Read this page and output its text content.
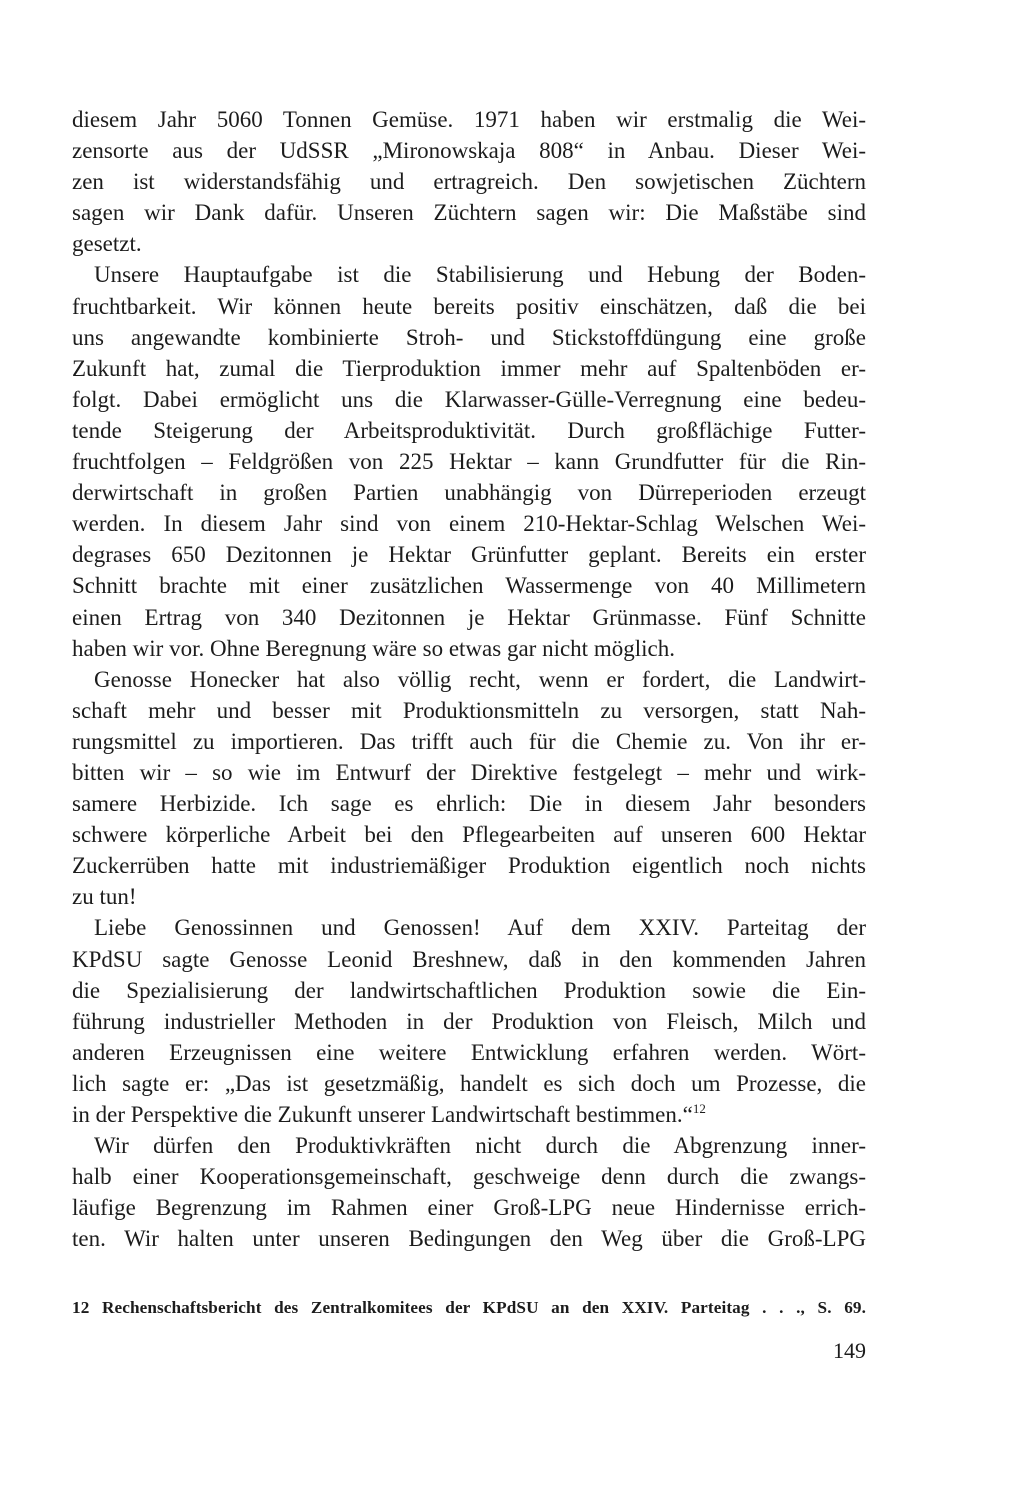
diesem Jahr 5060 Tonnen Gemüse. 1971 haben wir erstmalig die Wei-
zensorte aus der UdSSR „Mironowskaja 808“ in Anbau. Dieser Wei-
zen ist widerstandsfähig und ertragreich. Den sowjetischen Züchtern
sagen wir Dank dafür. Unseren Züchtern sagen wir: Die Maßstäbe sind
gesetzt.
Unsere Hauptaufgabe ist die Stabilisierung und Hebung der Boden-
fruchtbarkeit. Wir können heute bereits positiv einschätzen, daß die bei
uns angewandte kombinierte Stroh- und Stickstoffdüngung eine große
Zukunft hat, zumal die Tierproduktion immer mehr auf Spaltenböden er-
folgt. Dabei ermöglicht uns die Klarwasser-Gülle-Verregnung eine bedeu-
tende Steigerung der Arbeitsproduktivität. Durch großflächige Futter-
fruchtfolgen – Feldgrößen von 225 Hektar – kann Grundfutter für die Rin-
derwirtschaft in großen Partien unabhängig von Dürreperioden erzeugt
werden. In diesem Jahr sind von einem 210-Hektar-Schlag Welschen Wei-
degrases 650 Dezitonnen je Hektar Grünfutter geplant. Bereits ein erster
Schnitt brachte mit einer zusätzlichen Wassermenge von 40 Millimetern
einen Ertrag von 340 Dezitonnen je Hektar Grünmasse. Fünf Schnitte
haben wir vor. Ohne Beregnung wäre so etwas gar nicht möglich.
Genosse Honecker hat also völlig recht, wenn er fordert, die Landwirt-
schaft mehr und besser mit Produktionsmitteln zu versorgen, statt Nah-
rungsmittel zu importieren. Das trifft auch für die Chemie zu. Von ihr er-
bitten wir – so wie im Entwurf der Direktive festgelegt – mehr und wirk-
samere Herbizide. Ich sage es ehrlich: Die in diesem Jahr besonders
schwere körperliche Arbeit bei den Pflegearbeiten auf unseren 600 Hektar
Zuckerrüben hatte mit industriemäßiger Produktion eigentlich noch nichts
zu tun!
Liebe Genossinnen und Genossen! Auf dem XXIV. Parteitag der
KPdSU sagte Genosse Leonid Breshnew, daß in den kommenden Jahren
die Spezialisierung der landwirtschaftlichen Produktion sowie die Ein-
führung industrieller Methoden in der Produktion von Fleisch, Milch und
anderen Erzeugnissen eine weitere Entwicklung erfahren werden. Wört-
lich sagte er: „Das ist gesetzmäßig, handelt es sich doch um Prozesse, die
in der Perspektive die Zukunft unserer Landwirtschaft bestimmen.“$^{12}$
Wir dürfen den Produktivkräften nicht durch die Abgrenzung inner-
halb einer Kooperationsgemeinschaft, geschweige denn durch die zwangs-
läufige Begrenzung im Rahmen einer Groß-LPG neue Hindernisse errich-
ten. Wir halten unter unseren Bedingungen den Weg über die Groß-LPG
12 Rechenschaftsbericht des Zentralkomitees der KPdSU an den XXIV. Parteitag . . ., S. 69.
149
